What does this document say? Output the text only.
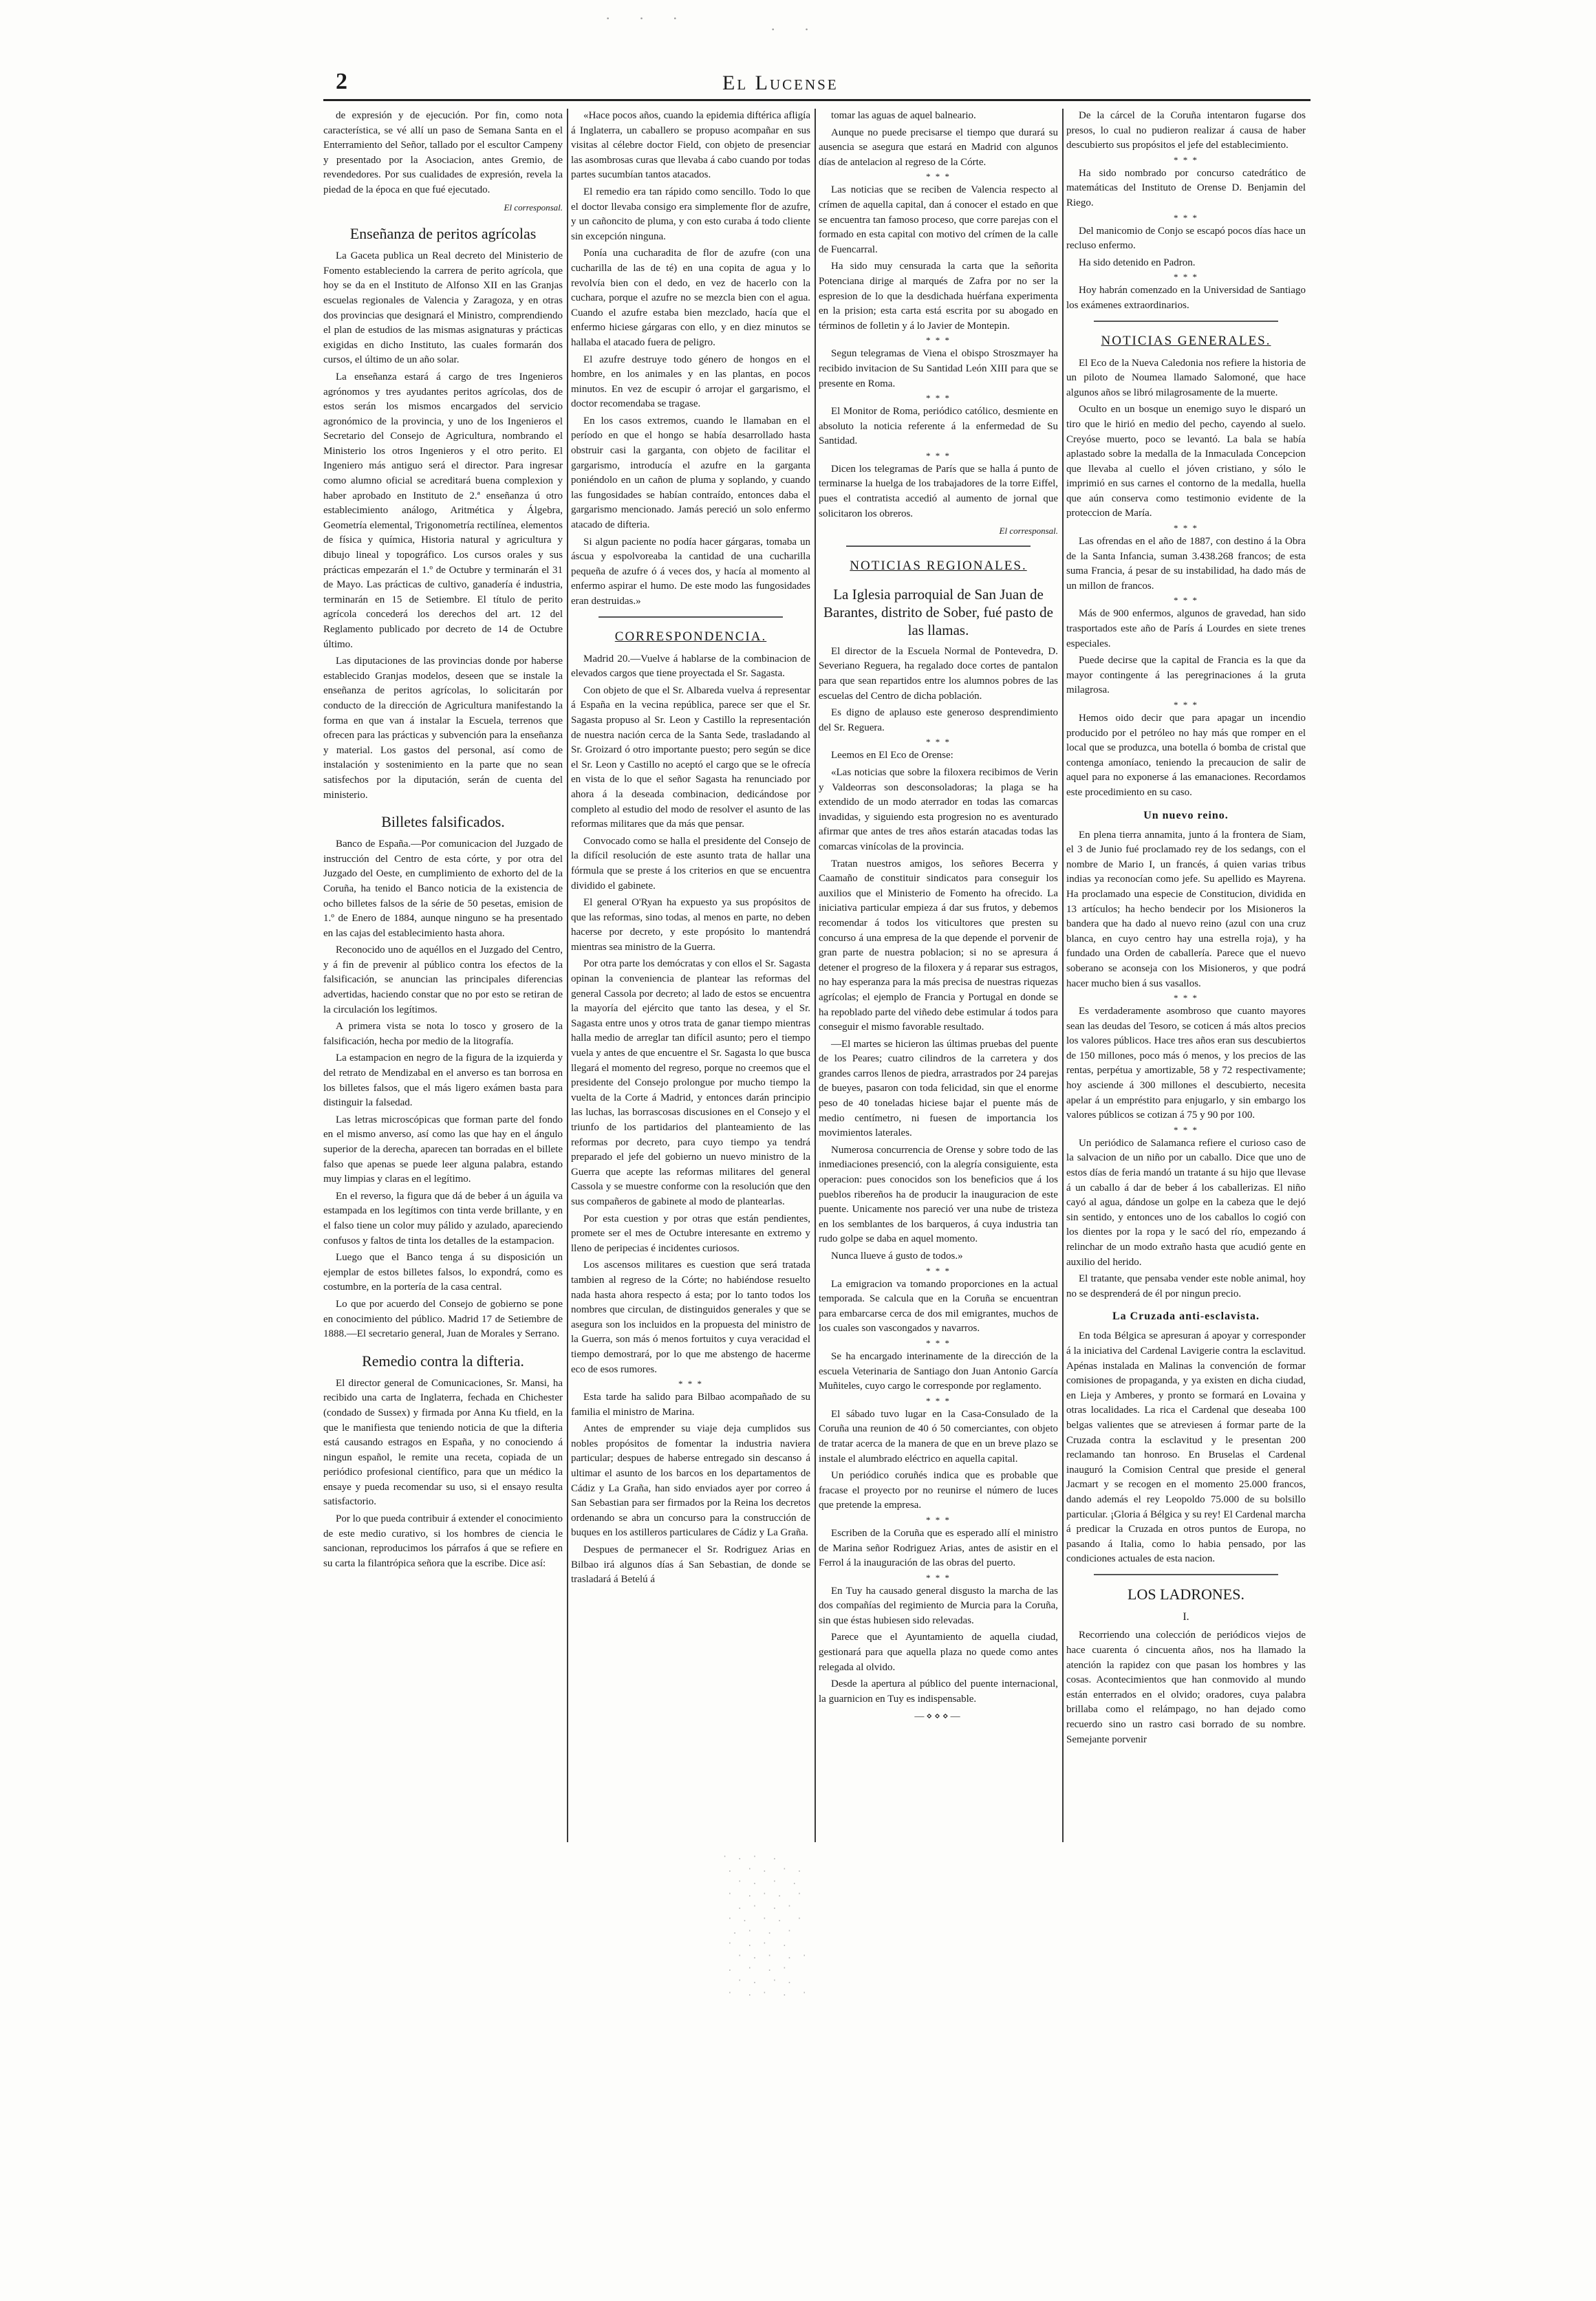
· · ·
· ·
2	El Lucense

de expresión y de ejecución. Por fin, como nota característica, se vé allí un paso de Semana Santa en el Enterramiento del Señor, tallado por el escultor Campeny y presentado por la Asociacion, antes Gremio, de revendedores. Por sus cualidades de expresión, revela la piedad de la época en que fué ejecutado.

El corresponsal.
Enseñanza de peritos agrícolas

La Gaceta publica un Real decreto del Ministerio de Fomento estableciendo la carrera de perito agrícola, que hoy se da en el Instituto de Alfonso XII en las Granjas escuelas regionales de Valencia y Zaragoza, y en otras dos provincias que designará el Ministro, comprendiendo el plan de estudios de las mismas asignaturas y prácticas exigidas en dicho Instituto, las cuales formarán dos cursos, el último de un año solar.

La enseñanza estará á cargo de tres Ingenieros agrónomos y tres ayudantes peritos agrícolas, dos de estos serán los mismos encargados del servicio agronómico de la provincia, y uno de los Ingenieros el Secretario del Consejo de Agricultura, nombrando el Ministerio los otros Ingenieros y el otro perito. El Ingeniero más antiguo será el director. Para ingresar como alumno oficial se acreditará buena complexion y haber aprobado en Instituto de 2.ª enseñanza ú otro establecimiento análogo, Aritmética y Álgebra, Geometría elemental, Trigonometría rectilínea, elementos de física y química, Historia natural y agricultura y dibujo lineal y topográfico. Los cursos orales y sus prácticas empezarán el 1.º de Octubre y terminarán el 31 de Mayo. Las prácticas de cultivo, ganadería é industria, terminarán en 15 de Setiembre. El título de perito agrícola concederá los derechos del art. 12 del Reglamento publicado por decreto de 14 de Octubre último.

Las diputaciones de las provincias donde por haberse establecido Granjas modelos, deseen que se instale la enseñanza de peritos agrícolas, lo solicitarán por conducto de la dirección de Agricultura manifestando la forma en que van á instalar la Escuela, terrenos que ofrecen para las prácticas y subvención para la enseñanza y material. Los gastos del personal, así como de instalación y sostenimiento en la parte que no sean satisfechos por la diputación, serán de cuenta del ministerio.

Billetes falsificados.

Banco de España.—Por comunicacion del Juzgado de instrucción del Centro de esta córte, y por otra del Juzgado del Oeste, en cumplimiento de exhorto del de la Coruña, ha tenido el Banco noticia de la existencia de ocho billetes falsos de la série de 50 pesetas, emision de 1.º de Enero de 1884, aunque ninguno se ha presentado en las cajas del establecimiento hasta ahora.

Reconocido uno de aquéllos en el Juzgado del Centro, y á fin de prevenir al público contra los efectos de la falsificación, se anuncian las principales diferencias advertidas, haciendo constar que no por esto se retiran de la circulación los legítimos.

A primera vista se nota lo tosco y grosero de la falsificación, hecha por medio de la litografía.

La estampacion en negro de la figura de la izquierda y del retrato de Mendizabal en el anverso es tan borrosa en los billetes falsos, que el más ligero exámen basta para distinguir la falsedad.

Las letras microscópicas que forman parte del fondo en el mismo anverso, así como las que hay en el ángulo superior de la derecha, aparecen tan borradas en el billete falso que apenas se puede leer alguna palabra, estando muy limpias y claras en el legítimo.

En el reverso, la figura que dá de beber á un águila va estampada en los legítimos con tinta verde brillante, y en el falso tiene un color muy pálido y azulado, apareciendo confusos y faltos de tinta los detalles de la estampacion.

Luego que el Banco tenga á su disposición un ejemplar de estos billetes falsos, lo expondrá, como es costumbre, en la portería de la casa central.

Lo que por acuerdo del Consejo de gobierno se pone en conocimiento del público. Madrid 17 de Setiembre de 1888.—El secretario general, Juan de Morales y Serrano.

Remedio contra la difteria.

El director general de Comunicaciones, Sr. Mansi, ha recibido una carta de Inglaterra, fechada en Chichester (condado de Sussex) y firmada por Anna Ku tfield, en la que le manifiesta que teniendo noticia de que la difteria está causando estragos en España, y no conociendo á ningun español, le remite una receta, copiada de un periódico profesional científico, para que un médico la ensaye y pueda recomendar su uso, si el ensayo resulta satisfactorio.

Por lo que pueda contribuir á extender el conocimiento de este medio curativo, si los hombres de ciencia le sancionan, reproducimos los párrafos á que se refiere en su carta la filantrópica señora que la escribe. Dice así:

«Hace pocos años, cuando la epidemia diftérica afligía á Inglaterra, un caballero se propuso acompañar en sus visitas al célebre doctor Field, con objeto de presenciar las asombrosas curas que llevaba á cabo cuando por todas partes sucumbían tantos atacados.

El remedio era tan rápido como sencillo. Todo lo que el doctor llevaba consigo era simplemente flor de azufre, y un cañoncito de pluma, y con esto curaba á todo cliente sin excepción ninguna.

Ponía una cucharadita de flor de azufre (con una cucharilla de las de té) en una copita de agua y lo revolvía bien con el dedo, en vez de hacerlo con la cuchara, porque el azufre no se mezcla bien con el agua. Cuando el azufre estaba bien mezclado, hacía que el enfermo hiciese gárgaras con ello, y en diez minutos se hallaba el atacado fuera de peligro.

El azufre destruye todo género de hongos en el hombre, en los animales y en las plantas, en pocos minutos. En vez de escupir ó arrojar el gargarismo, el doctor recomendaba se tragase.

En los casos extremos, cuando le llamaban en el período en que el hongo se había desarrollado hasta obstruir casi la garganta, con objeto de facilitar el gargarismo, introducía el azufre en la garganta poniéndolo en un cañon de pluma y soplando, y cuando las fungosidades se habían contraído, entonces daba el gargarismo mencionado. Jamás pereció un solo enfermo atacado de difteria.

Si algun paciente no podía hacer gárgaras, tomaba un áscua y espolvoreaba la cantidad de una cucharilla pequeña de azufre ó á veces dos, y hacía al momento al enfermo aspirar el humo. De este modo las fungosidades eran destruidas.»

CORRESPONDENCIA.

Madrid 20.—Vuelve á hablarse de la combinacion de elevados cargos que tiene proyectada el Sr. Sagasta.

Con objeto de que el Sr. Albareda vuelva á representar á España en la vecina república, parece ser que el Sr. Sagasta propuso al Sr. Leon y Castillo la representación de nuestra nación cerca de la Santa Sede, trasladando al Sr. Groizard ó otro importante puesto; pero según se dice el Sr. Leon y Castillo no aceptó el cargo que se le ofrecía en vista de lo que el señor Sagasta ha renunciado por ahora á la deseada combinacion, dedicándose por completo al estudio del modo de resolver el asunto de las reformas militares que da más que pensar.

Convocado como se halla el presidente del Consejo de la difícil resolución de este asunto trata de hallar una fórmula que se preste á los criterios en que se encuentra dividido el gabinete.

El general O'Ryan ha expuesto ya sus propósitos de que las reformas, sino todas, al menos en parte, no deben hacerse por decreto, y este propósito lo mantendrá mientras sea ministro de la Guerra.

Por otra parte los demócratas y con ellos el Sr. Sagasta opinan la conveniencia de plantear las reformas del general Cassola por decreto; al lado de estos se encuentra la mayoría del ejército que tanto las desea, y el Sr. Sagasta entre unos y otros trata de ganar tiempo mientras halla medio de arreglar tan difícil asunto; pero el tiempo vuela y antes de que encuentre el Sr. Sagasta lo que busca llegará el momento del regreso, porque no creemos que el presidente del Consejo prolongue por mucho tiempo la vuelta de la Corte á Madrid, y entonces darán principio las luchas, las borrascosas discusiones en el Consejo y el triunfo de los partidarios del planteamiento de las reformas por decreto, para cuyo tiempo ya tendrá preparado el jefe del gobierno un nuevo ministro de la Guerra que acepte las reformas militares del general Cassola y se muestre conforme con la resolución que den sus compañeros de gabinete al modo de plantearlas.

Por esta cuestion y por otras que están pendientes, promete ser el mes de Octubre interesante en extremo y lleno de peripecias é incidentes curiosos.

Los ascensos militares es cuestion que será tratada tambien al regreso de la Córte; no habiéndose resuelto nada hasta ahora respecto á esta; por lo tanto todos los nombres que circulan, de distinguidos generales y que se asegura son los incluidos en la propuesta del ministro de la Guerra, son más ó menos fortuitos y cuya veracidad el tiempo demostrará, por lo que me abstengo de hacerme eco de esos rumores.

* * *

Esta tarde ha salido para Bilbao acompañado de su familia el ministro de Marina.

Antes de emprender su viaje deja cumplidos sus nobles propósitos de fomentar la industria naviera particular; despues de haberse entregado sin descanso á ultimar el asunto de los barcos en los departamentos de Cádiz y La Graña, han sido enviados ayer por correo á San Sebastian para ser firmados por la Reina los decretos ordenando se abra un concurso para la construcción de buques en los astilleros particulares de Cádiz y La Graña.

Despues de permanecer el Sr. Rodriguez Arias en Bilbao irá algunos días á San Sebastian, de donde se trasladará á Betelú á

tomar las aguas de aquel balneario.

Aunque no puede precisarse el tiempo que durará su ausencia se asegura que estará en Madrid con algunos días de antelacion al regreso de la Córte.

* * *

Las noticias que se reciben de Valencia respecto al crímen de aquella capital, dan á conocer el estado en que se encuentra tan famoso proceso, que corre parejas con el formado en esta capital con motivo del crímen de la calle de Fuencarral.

Ha sido muy censurada la carta que la señorita Potenciana dirige al marqués de Zafra por no ser la espresion de lo que la desdichada huérfana experimenta en la prision; esta carta está escrita por su abogado en términos de folletin y á lo Javier de Montepin.

* * *

Segun telegramas de Viena el obispo Stroszmayer ha recibido invitacion de Su Santidad León XIII para que se presente en Roma.

* * *

El Monitor de Roma, periódico católico, desmiente en absoluto la noticia referente á la enfermedad de Su Santidad.

* * *

Dicen los telegramas de París que se halla á punto de terminarse la huelga de los trabajadores de la torre Eiffel, pues el contratista accedió al aumento de jornal que solicitaron los obreros.

El corresponsal.
NOTICIAS REGIONALES.
La Iglesia parroquial de San Juan de Barantes, distrito de Sober, fué pasto de las llamas.

El director de la Escuela Normal de Pontevedra, D. Severiano Reguera, ha regalado doce cortes de pantalon para que sean repartidos entre los alumnos pobres de las escuelas del Centro de dicha población.

Es digno de aplauso este generoso desprendimiento del Sr. Reguera.

* * *

Leemos en El Eco de Orense:

«Las noticias que sobre la filoxera recibimos de Verin y Valdeorras son desconsoladoras; la plaga se ha extendido de un modo aterrador en todas las comarcas invadidas, y siguiendo esta progresion no es aventurado afirmar que antes de tres años estarán atacadas todas las comarcas vinícolas de la provincia.

Tratan nuestros amigos, los señores Becerra y Caamaño de constituir sindicatos para conseguir los auxilios que el Ministerio de Fomento ha ofrecido. La iniciativa particular empieza á dar sus frutos, y debemos recomendar á todos los viticultores que presten su concurso á una empresa de la que depende el porvenir de gran parte de nuestra poblacion; si no se apresura á detener el progreso de la filoxera y á reparar sus estragos, no hay esperanza para la más precisa de nuestras riquezas agrícolas; el ejemplo de Francia y Portugal en donde se ha repoblado parte del viñedo debe estimular á todos para conseguir el mismo favorable resultado.

—El martes se hicieron las últimas pruebas del puente de los Peares; cuatro cilindros de la carretera y dos grandes carros llenos de piedra, arrastrados por 24 parejas de bueyes, pasaron con toda felicidad, sin que el enorme peso de 40 toneladas hiciese bajar el puente más de medio centímetro, ni fuesen de importancia los movimientos laterales.

Numerosa concurrencia de Orense y sobre todo de las inmediaciones presenció, con la alegría consiguiente, esta operacion: pues conocidos son los beneficios que á los pueblos ribereños ha de producir la inauguracion de este puente. Unicamente nos pareció ver una nube de tristeza en los semblantes de los barqueros, á cuya industria tan rudo golpe se daba en aquel momento.

Nunca llueve á gusto de todos.»

* * *

La emigracion va tomando proporciones en la actual temporada. Se calcula que en la Coruña se encuentran para embarcarse cerca de dos mil emigrantes, muchos de los cuales son vascongados y navarros.

* * *

Se ha encargado interinamente de la dirección de la escuela Veterinaria de Santiago don Juan Antonio García Muñiteles, cuyo cargo le corresponde por reglamento.

* * *

El sábado tuvo lugar en la Casa-Consulado de la Coruña una reunion de 40 ó 50 comerciantes, con objeto de tratar acerca de la manera de que en un breve plazo se instale el alumbrado eléctrico en aquella capital.

Un periódico coruñés indica que es probable que fracase el proyecto por no reunirse el número de luces que pretende la empresa.

* * *

Escriben de la Coruña que es esperado allí el ministro de Marina señor Rodriguez Arias, antes de asistir en el Ferrol á la inauguración de las obras del puerto.

* * *

En Tuy ha causado general disgusto la marcha de las dos compañías del regimiento de Murcia para la Coruña, sin que éstas hubiesen sido relevadas.

Parece que el Ayuntamiento de aquella ciudad, gestionará para que aquella plaza no quede como antes relegada al olvido.

Desde la apertura al público del puente internacional, la guarnicion en Tuy es indispensable.

—⋄⋄⋄—

De la cárcel de la Coruña intentaron fugarse dos presos, lo cual no pudieron realizar á causa de haber descubierto sus propósitos el jefe del establecimiento.

* * *

Ha sido nombrado por concurso catedrático de matemáticas del Instituto de Orense D. Benjamin del Riego.

* * *

Del manicomio de Conjo se escapó pocos días hace un recluso enfermo.

Ha sido detenido en Padron.

* * *

Hoy habrán comenzado en la Universidad de Santiago los exámenes extraordinarios.

NOTICIAS GENERALES.

El Eco de la Nueva Caledonia nos refiere la historia de un piloto de Noumea llamado Salomoné, que hace algunos años se libró milagrosamente de la muerte.

Oculto en un bosque un enemigo suyo le disparó un tiro que le hirió en medio del pecho, cayendo al suelo. Creyóse muerto, poco se levantó. La bala se había aplastado sobre la medalla de la Inmaculada Concepcion que llevaba al cuello el jóven cristiano, y sólo le imprimió en sus carnes el contorno de la medalla, huella que aún conserva como testimonio evidente de la proteccion de María.

* * *

Las ofrendas en el año de 1887, con destino á la Obra de la Santa Infancia, suman 3.438.268 francos; de esta suma Francia, á pesar de su instabilidad, ha dado más de un millon de francos.

* * *

Más de 900 enfermos, algunos de gravedad, han sido trasportados este año de París á Lourdes en siete trenes especiales.

Puede decirse que la capital de Francia es la que da mayor contingente á las peregrinaciones á la gruta milagrosa.

* * *

Hemos oido decir que para apagar un incendio producido por el petróleo no hay más que romper en el local que se produzca, una botella ó bomba de cristal que contenga amoníaco, teniendo la precaucion de salir de aquel para no exponerse á las emanaciones. Recordamos este procedimiento en su caso.

Un nuevo reino.

En plena tierra annamita, junto á la frontera de Siam, el 3 de Junio fué proclamado rey de los sedangs, con el nombre de Mario I, un francés, á quien varias tribus indias ya reconocían como jefe. Su apellido es Mayrena. Ha proclamado una especie de Constitucion, dividida en 13 artículos; ha hecho bendecir por los Misioneros la bandera que ha dado al nuevo reino (azul con una cruz blanca, en cuyo centro hay una estrella roja), y ha fundado una Orden de caballería. Parece que el nuevo soberano se aconseja con los Misioneros, y que podrá hacer mucho bien á sus vasallos.

* * *

Es verdaderamente asombroso que cuanto mayores sean las deudas del Tesoro, se coticen á más altos precios los valores públicos. Hace tres años eran sus descubiertos de 150 millones, poco más ó menos, y los precios de las rentas, perpétua y amortizable, 58 y 72 respectivamente; hoy asciende á 300 millones el descubierto, necesita apelar á un empréstito para enjugarlo, y sin embargo los valores públicos se cotizan á 75 y 90 por 100.

* * *

Un periódico de Salamanca refiere el curioso caso de la salvacion de un niño por un caballo. Dice que uno de estos días de feria mandó un tratante á su hijo que llevase á un caballo á dar de beber á los caballerizas. El niño cayó al agua, dándose un golpe en la cabeza que le dejó sin sentido, y entonces uno de los caballos lo cogió con los dientes por la ropa y le sacó del río, empezando á relinchar de un modo extraño hasta que acudió gente en auxilio del herido.

El tratante, que pensaba vender este noble animal, hoy no se desprenderá de él por ningun precio.

La Cruzada anti-esclavista.

En toda Bélgica se apresuran á apoyar y corresponder á la iniciativa del Cardenal Lavigerie contra la esclavitud. Apénas instalada en Malinas la convención de formar comisiones de propaganda, y ya existen en dicha ciudad, en Lieja y Amberes, y pronto se formará en Lovaina y otras localidades. La rica el Cardenal que deseaba 100 belgas valientes que se atreviesen á formar parte de la Cruzada contra la esclavitud y le presentan 200 reclamando tan honroso. En Bruselas el Cardenal inauguró la Comision Central que preside el general Jacmart y se recogen en el momento 25.000 francos, dando además el rey Leopoldo 75.000 de su bolsillo particular. ¡Gloria á Bélgica y su rey! El Cardenal marcha á predicar la Cruzada en otros puntos de Europa, no pasando á Italia, como lo habia pensado, por las condiciones actuales de esta nacion.

LOS LADRONES.
I.

Recorriendo una colección de periódicos viejos de hace cuarenta ó cincuenta años, nos ha llamado la atención la rapidez con que pasan los hombres y las cosas. Acontecimientos que han conmovido al mundo están enterrados en el olvido; oradores, cuya palabra brillaba como el relámpago, no han dejado como recuerdo sino un rastro casi borrado de su nombre. Semejante porvenir

·  .  ·   .
.   ·  .   ·  .
·  .   ·   .
·   .  ·  .   ·
.  ·   .  ·
·  .   ·  .   ·
.  ·   .   ·
·   .  ·   .
·  .  ·   .  ·
.   ·   .  ·
·  .   ·  .
·   .  ·   .   ·
